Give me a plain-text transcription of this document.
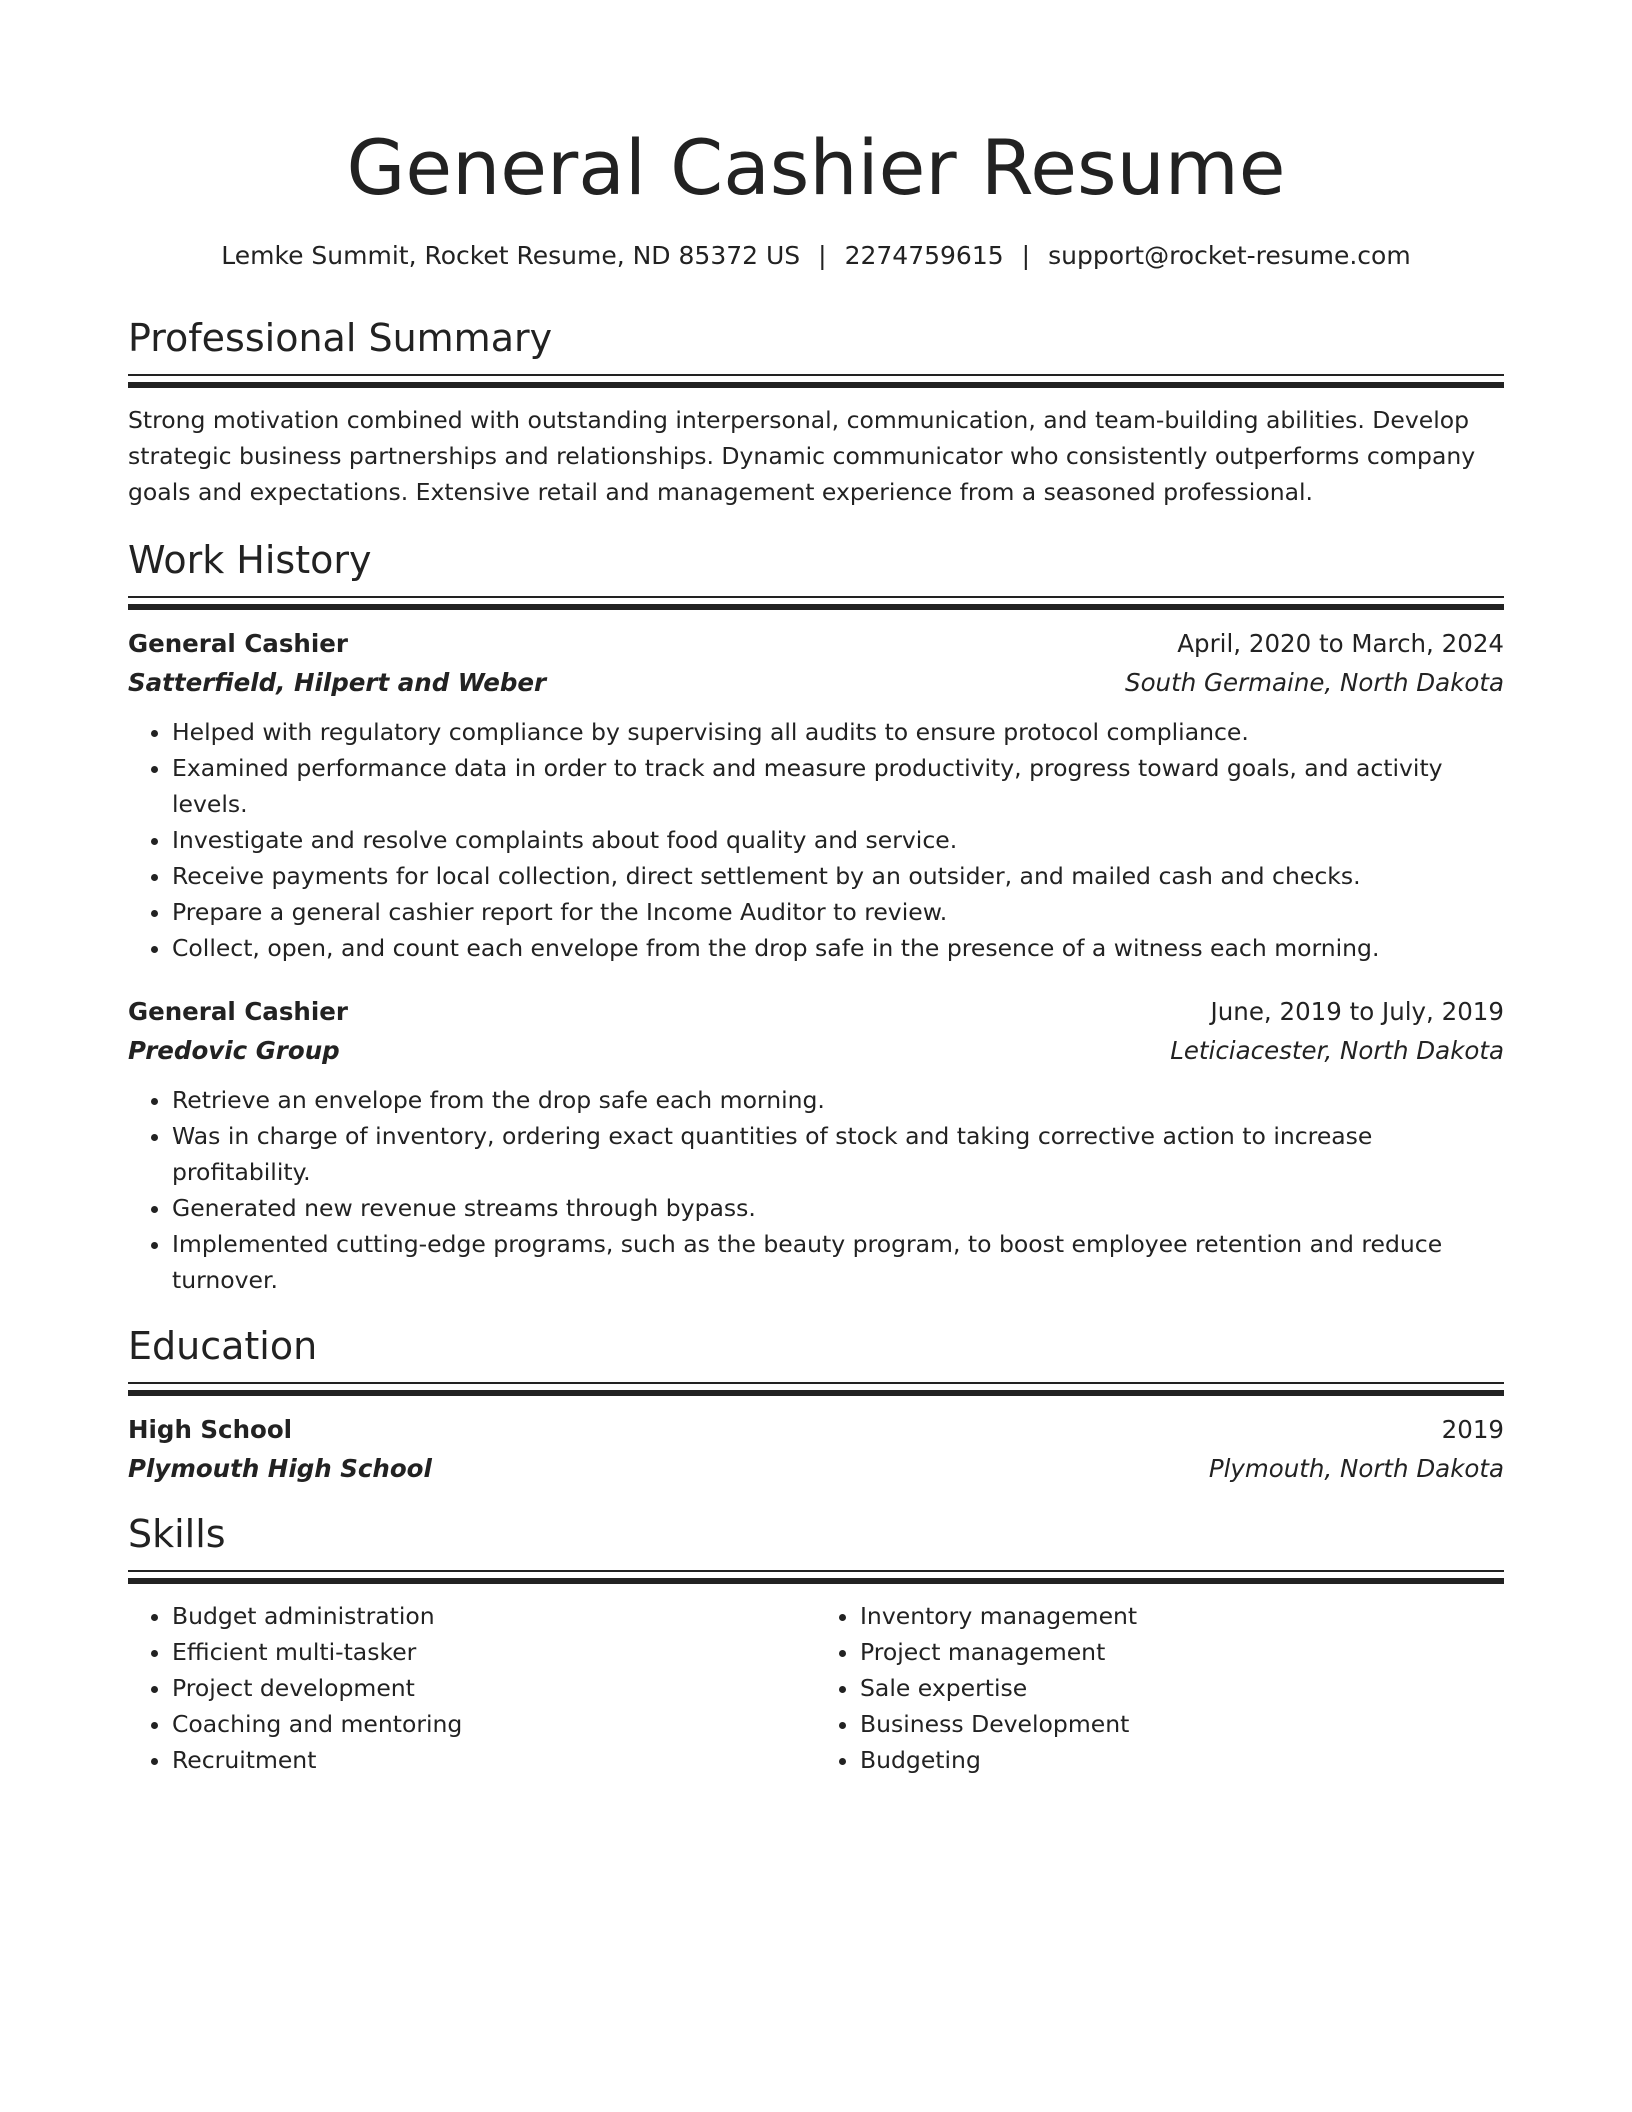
General Cashier Resume
Lemke Summit, Rocket Resume, ND 85372 US | 2274759615 | support@rocket-resume.com
Professional Summary

Strong motivation combined with outstanding interpersonal, communication, and team-building abilities. Develop strategic business partnerships and relationships. Dynamic communicator who consistently outperforms company goals and expectations. Extensive retail and management experience from a seasoned professional.

Work History
General Cashier	April, 2020 to March, 2024
Satterfield, Hilpert and Weber	South Germaine, North Dakota
• Helped with regulatory compliance by supervising all audits to ensure protocol compliance.
• Examined performance data in order to track and measure productivity, progress toward goals, and activity levels.
• Investigate and resolve complaints about food quality and service.
• Receive payments for local collection, direct settlement by an outsider, and mailed cash and checks.
• Prepare a general cashier report for the Income Auditor to review.
• Collect, open, and count each envelope from the drop safe in the presence of a witness each morning.
General Cashier	June, 2019 to July, 2019
Predovic Group	Leticiacester, North Dakota
• Retrieve an envelope from the drop safe each morning.
• Was in charge of inventory, ordering exact quantities of stock and taking corrective action to increase profitability.
• Generated new revenue streams through bypass.
• Implemented cutting-edge programs, such as the beauty program, to boost employee retention and reduce turnover.
Education
High School	2019
Plymouth High School	Plymouth, North Dakota
Skills
• Budget administration
• Efficient multi-tasker
• Project development
• Coaching and mentoring
• Recruitment
• Inventory management
• Project management
• Sale expertise
• Business Development
• Budgeting
